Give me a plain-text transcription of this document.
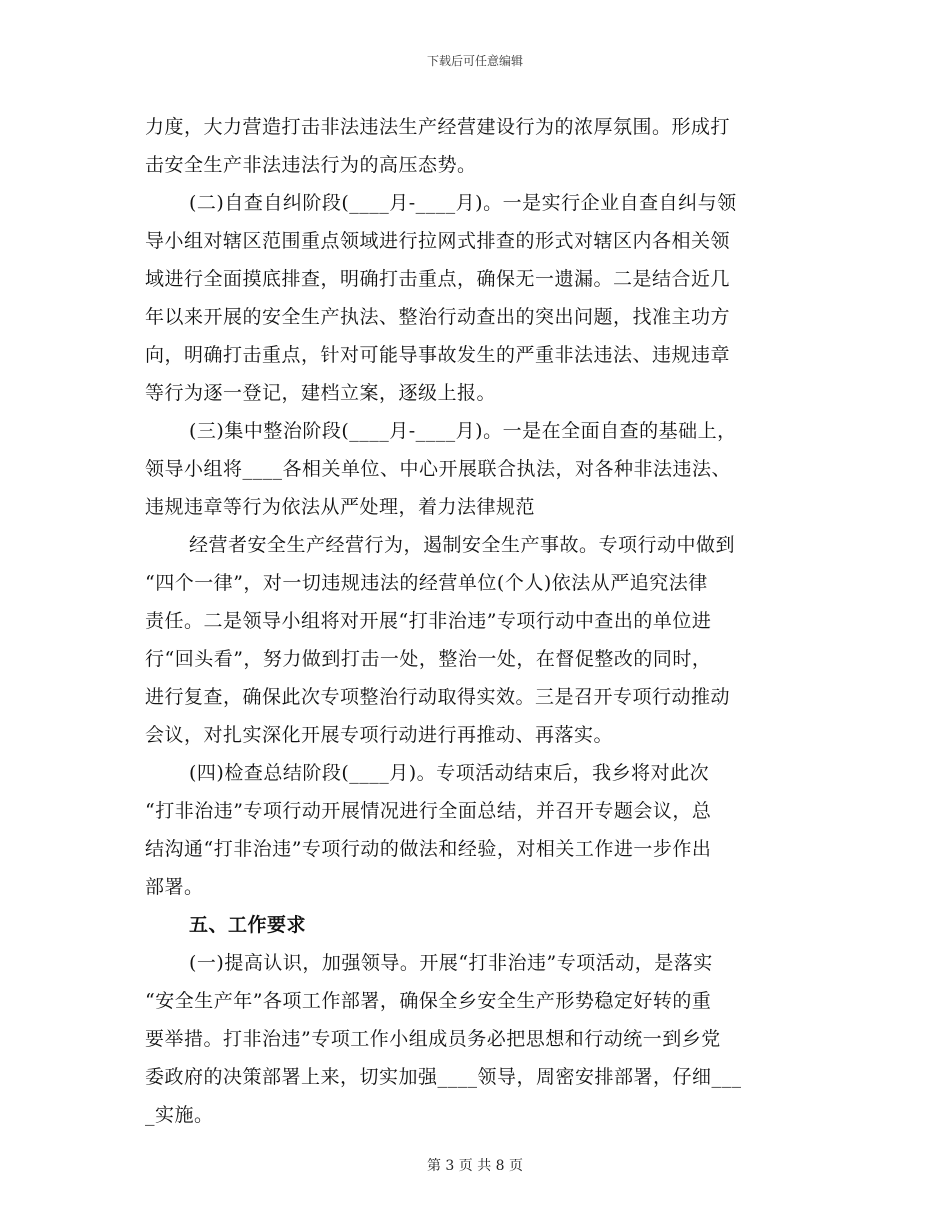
下载后可任意编辑
力度，大力营造打击非法违法生产经营建设行为的浓厚氛围。形成打
击安全生产非法违法行为的高压态势。
(二)自查自纠阶段(____月-____月)。一是实行企业自查自纠与领
导小组对辖区范围重点领域进行拉网式排查的形式对辖区内各相关领
域进行全面摸底排查，明确打击重点，确保无一遗漏。二是结合近几
年以来开展的安全生产执法、整治行动查出的突出问题，找准主功方
向，明确打击重点，针对可能导事故发生的严重非法违法、违规违章
等行为逐一登记，建档立案，逐级上报。
(三)集中整治阶段(____月-____月)。一是在全面自查的基础上，
领导小组将____各相关单位、中心开展联合执法，对各种非法违法、
违规违章等行为依法从严处理，着力法律规范
经营者安全生产经营行为，遏制安全生产事故。专项行动中做到
“四个一律”，对一切违规违法的经营单位(个人)依法从严追究法律
责任。二是领导小组将对开展“打非治违”专项行动中查出的单位进
行“回头看”，努力做到打击一处，整治一处，在督促整改的同时，
进行复查，确保此次专项整治行动取得实效。三是召开专项行动推动
会议，对扎实深化开展专项行动进行再推动、再落实。
(四)检查总结阶段(____月)。专项活动结束后，我乡将对此次
“打非治违”专项行动开展情况进行全面总结，并召开专题会议，总
结沟通“打非治违”专项行动的做法和经验，对相关工作进一步作出
部署。
五、工作要求
(一)提高认识，加强领导。开展“打非治违”专项活动，是落实
“安全生产年”各项工作部署，确保全乡安全生产形势稳定好转的重
要举措。打非治违”专项工作小组成员务必把思想和行动统一到乡党
委政府的决策部署上来，切实加强____领导，周密安排部署，仔细___
_实施。
第 3 页 共 8 页
